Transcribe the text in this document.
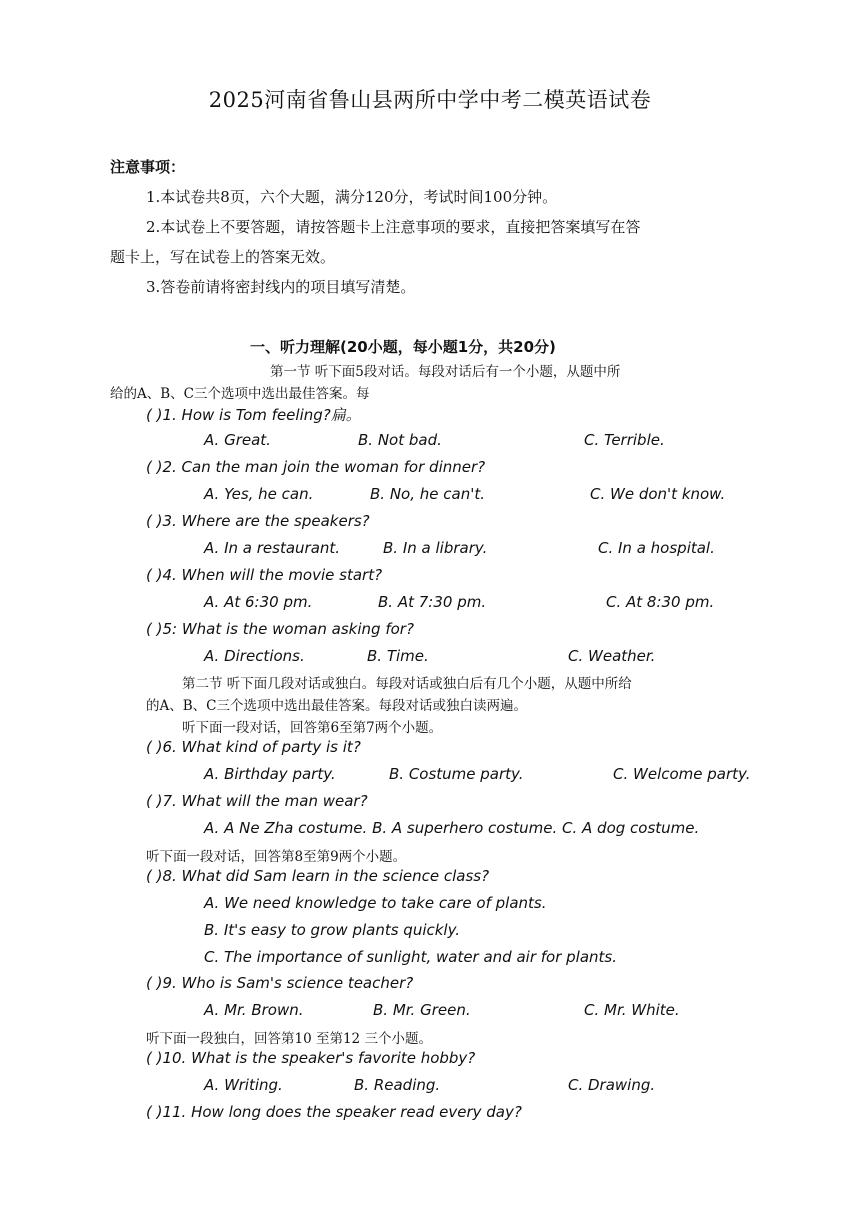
2025河南省鲁山县两所中学中考二模英语试卷
注意事项：
1.本试卷共8页，六个大题，满分120分，考试时间100分钟。
2.本试卷上不要答题，请按答题卡上注意事项的要求，直接把答案填写在答
题卡上，写在试卷上的答案无效。
3.答卷前请将密封线内的项目填写清楚。
一、听力理解(20小题，每小题1分，共20分)
第一节 听下面5段对话。每段对话后有一个小题，从题中所
给的A、B、C三个选项中选出最佳答案。每
( )1. How is Tom feeling?扁。
A. Great.	B. Not bad.	C. Terrible.
( )2. Can the man join the woman for dinner?
A. Yes, he can.	B. No, he can't.	C. We don't know.
( )3. Where are the speakers?
A. In a restaurant.	B. In a library.	C. In a hospital.
( )4. When will the movie start?
A. At 6:30 pm.	B. At 7:30 pm.	C. At 8:30 pm.
( )5: What is the woman asking for?
A. Directions.	B. Time.	C. Weather.
第二节 听下面几段对话或独白。每段对话或独白后有几个小题，从题中所给
的A、B、C三个选项中选出最佳答案。每段对话或独白读两遍。
听下面一段对话，回答第6至第7两个小题。
( )6. What kind of party is it?
A. Birthday party.	B. Costume party.	C. Welcome party.
( )7. What will the man wear?
A. A Ne Zha costume. B. A superhero costume. C. A dog costume.
听下面一段对话，回答第8至第9两个小题。
( )8. What did Sam learn in the science class?
A. We need knowledge to take care of plants.
B. It's easy to grow plants quickly.
C. The importance of sunlight, water and air for plants.
( )9. Who is Sam's science teacher?
A. Mr. Brown.	B. Mr. Green.	C. Mr. White.
听下面一段独白，回答第10 至第12 三个小题。
( )10. What is the speaker's favorite hobby?
A. Writing.	B. Reading.	C. Drawing.
( )11. How long does the speaker read every day?
